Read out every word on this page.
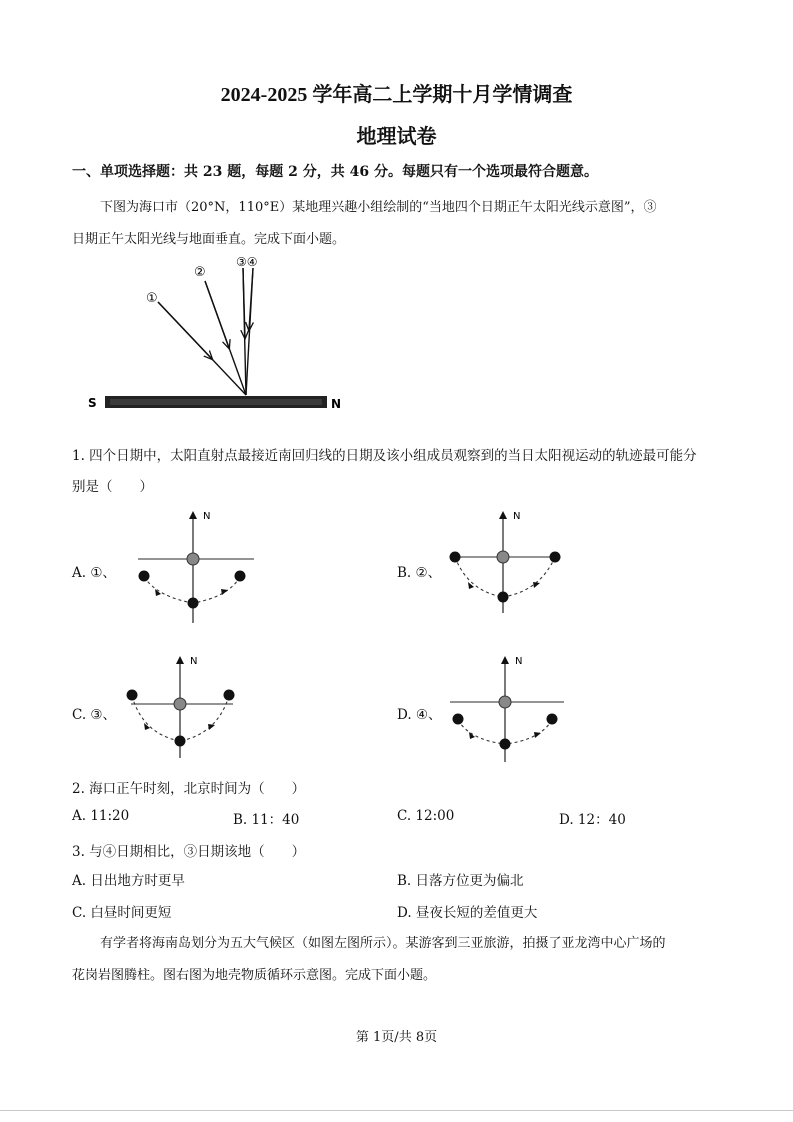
2024-2025 学年高二上学期十月学情调查
地理试卷
一、单项选择题：共 23 题，每题 2 分，共 46 分。每题只有一个选项最符合题意。
下图为海口市（20°N，110°E）某地理兴趣小组绘制的“当地四个日期正午太阳光线示意图”，③
日期正午太阳光线与地面垂直。完成下面小题。
①
②
③④
S	N
1. 四个日期中，太阳直射点最接近南回归线的日期及该小组成员观察到的当日太阳视运动的轨迹最可能分
别是（　　）
A. ①、
N
B. ②、
N
C. ③、
N
D. ④、
N
2. 海口正午时刻，北京时间为（　　）
A. 11:20	B. 11：40	C. 12:00	D. 12：40
3. 与④日期相比，③日期该地（　　）
A. 日出地方时更早	B. 日落方位更为偏北
C. 白昼时间更短	D. 昼夜长短的差值更大
有学者将海南岛划分为五大气候区（如图左图所示）。某游客到三亚旅游，拍摄了亚龙湾中心广场的
花岗岩图腾柱。图右图为地壳物质循环示意图。完成下面小题。
第 1页/共 8页
